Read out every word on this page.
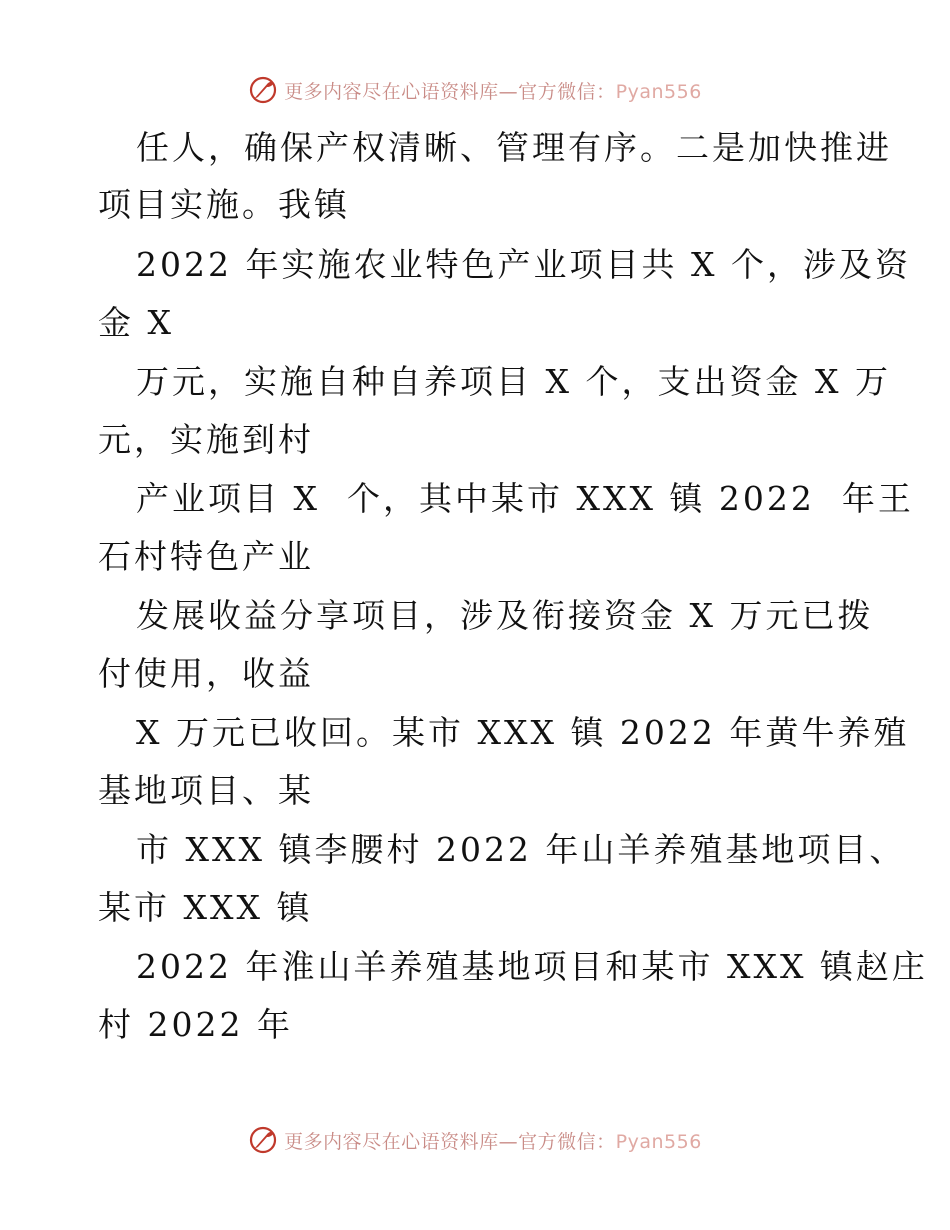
更多内容尽在心语资料库—官方微信：Pyan556
任人，确保产权清晰、管理有序。二是加快推进
项目实施。我镇
2022 年实施农业特色产业项目共 X 个，涉及资
金 X
万元，实施自种自养项目 X 个，支出资金 X 万
元，实施到村
产业项目 X  个，其中某市 XXX 镇 2022  年王
石村特色产业
发展收益分享项目，涉及衔接资金 X 万元已拨
付使用，收益
X 万元已收回。某市 XXX 镇 2022 年黄牛养殖
基地项目、某
市 XXX 镇李腰村 2022 年山羊养殖基地项目、
某市 XXX 镇
2022 年淮山羊养殖基地项目和某市 XXX 镇赵庄
村 2022 年
更多内容尽在心语资料库—官方微信：Pyan556
